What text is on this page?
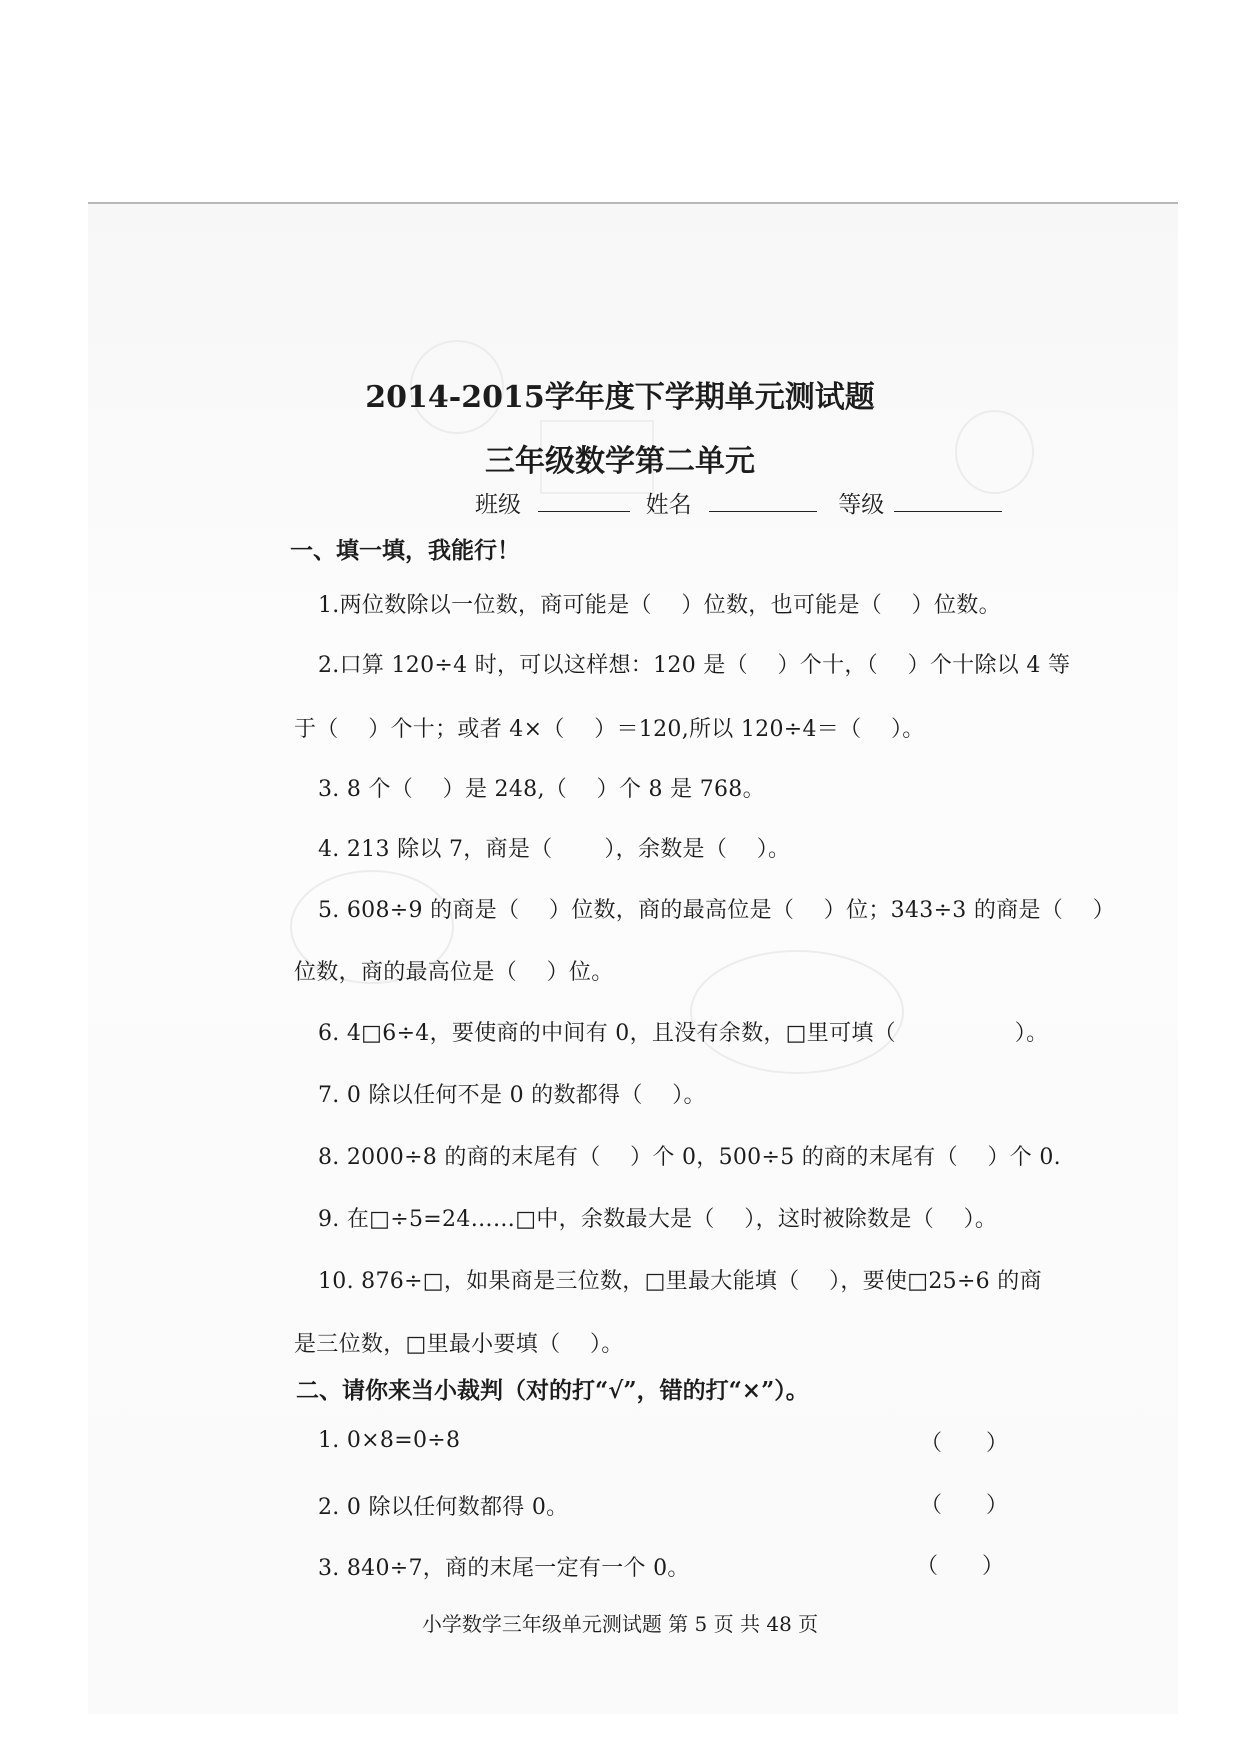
2014-2015学年度下学期单元测试题
三年级数学第二单元
班级	姓名	等级
一、填一填，我能行！
1.两位数除以一位数，商可能是（　 ）位数，也可能是（　 ）位数。
2.口算 120÷4 时，可以这样想：120 是（　 ）个十，（　 ）个十除以 4 等
于（　 ）个十；或者 4×（　 ）＝120,所以 120÷4＝（　 ）。
3. 8 个（　 ）是 248,（　 ）个 8 是 768。
4. 213 除以 7，商是（　　 ），余数是（　 ）。
5. 608÷9 的商是（　 ）位数，商的最高位是（　 ）位；343÷3 的商是（　 ）
位数，商的最高位是（　 ）位。
6. 4□6÷4，要使商的中间有 0，且没有余数，□里可填（　　　　　 ）。
7. 0 除以任何不是 0 的数都得（　 ）。
8. 2000÷8 的商的末尾有（　 ）个 0，500÷5 的商的末尾有（　 ）个 0.
9. 在□÷5=24……□中，余数最大是（　 ），这时被除数是（　 ）。
10. 876÷□，如果商是三位数，□里最大能填（　 ），要使□25÷6 的商
是三位数，□里最小要填（　 ）。
二、请你来当小裁判（对的打“√”，错的打“×”）。
1. 0×8=0÷8	（　　）
2. 0 除以任何数都得 0。	（　　）
3. 840÷7，商的末尾一定有一个 0。	（　　）
小学数学三年级单元测试题 第 5 页 共 48 页
